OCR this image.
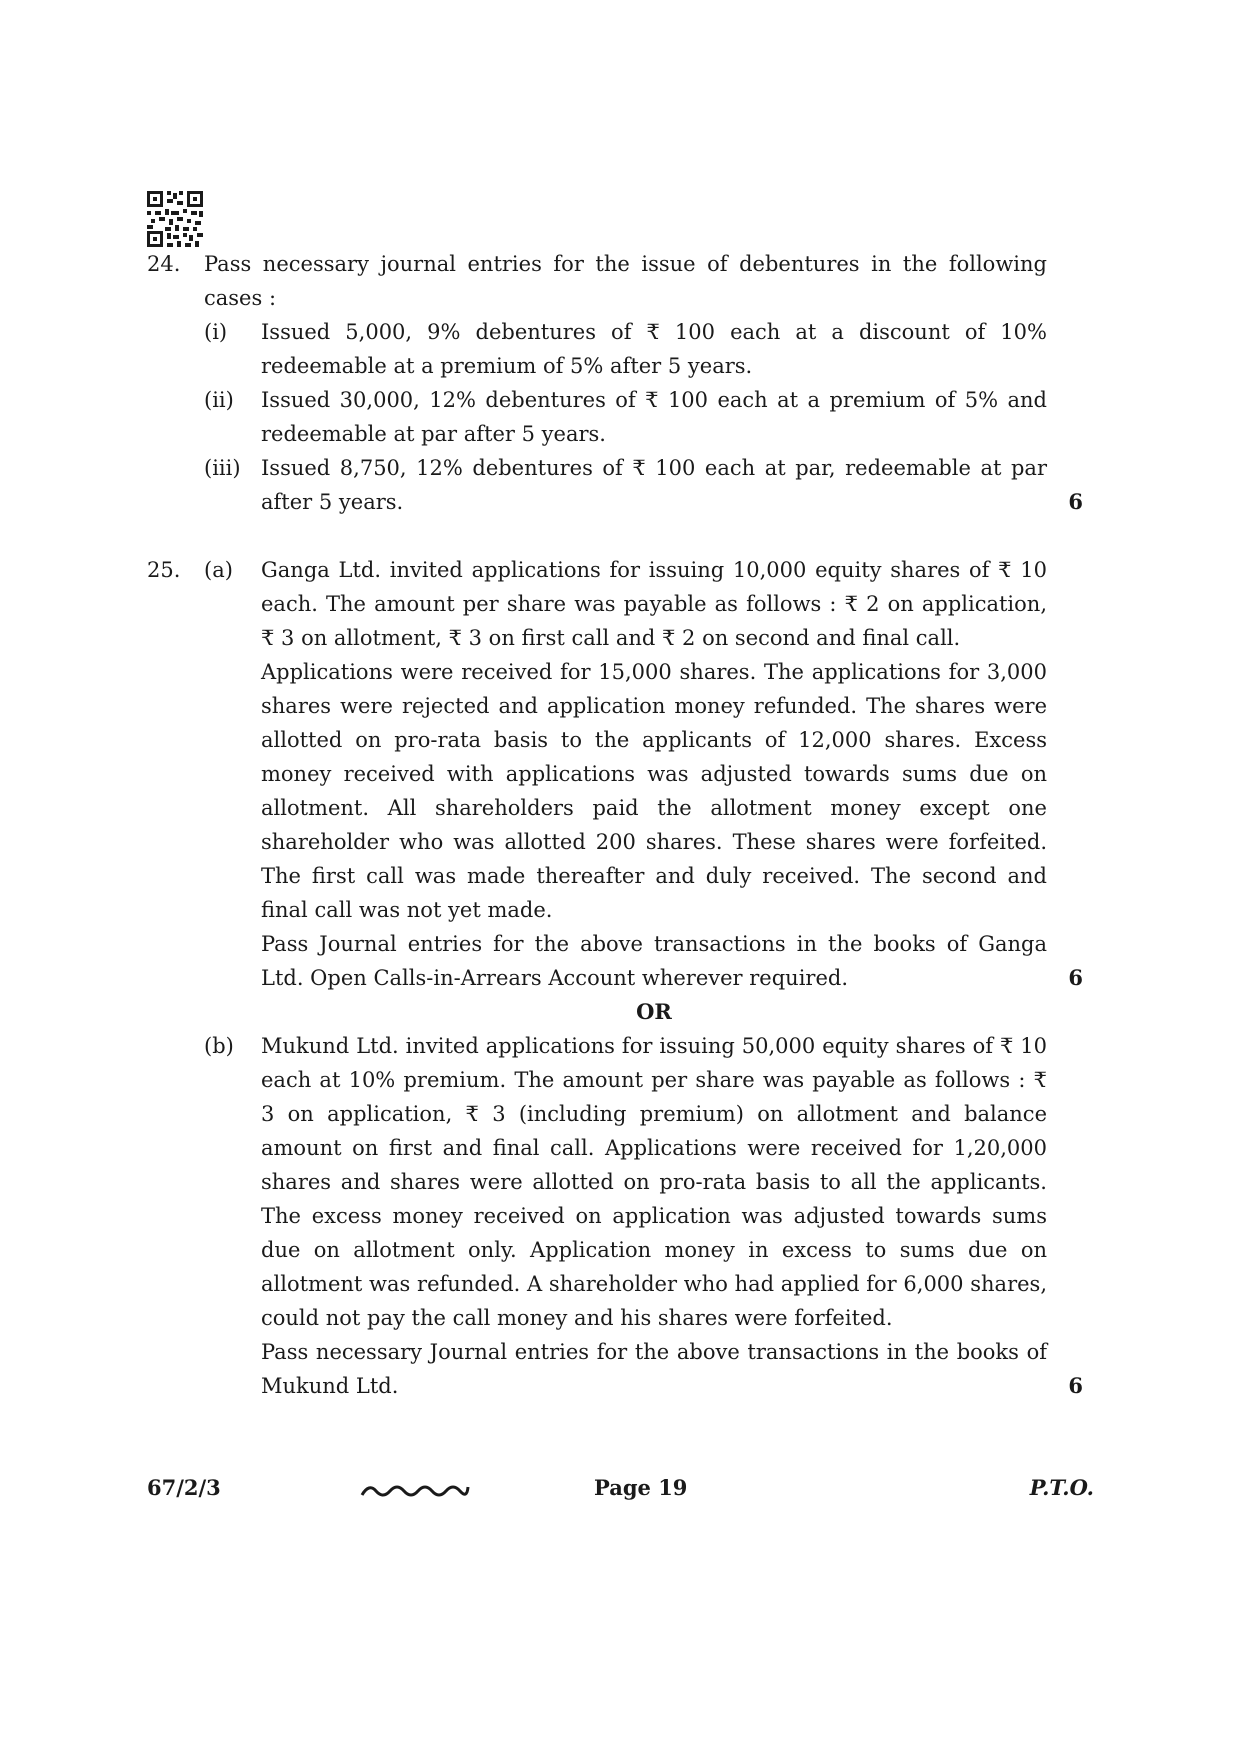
24. Pass necessary journal entries for the issue of debentures in the following cases :
(i) Issued 5,000, 9% debentures of ₹ 100 each at a discount of 10% redeemable at a premium of 5% after 5 years.
(ii) Issued 30,000, 12% debentures of ₹ 100 each at a premium of 5% and redeemable at par after 5 years.
(iii) Issued 8,750, 12% debentures of ₹ 100 each at par, redeemable at par after 5 years.	6
25. (a) Ganga Ltd. invited applications for issuing 10,000 equity shares of ₹ 10 each. The amount per share was payable as follows : ₹ 2 on application, ₹ 3 on allotment, ₹ 3 on first call and ₹ 2 on second and final call.
Applications were received for 15,000 shares. The applications for 3,000 shares were rejected and application money refunded. The shares were allotted on pro-rata basis to the applicants of 12,000 shares. Excess money received with applications was adjusted towards sums due on allotment. All shareholders paid the allotment money except one shareholder who was allotted 200 shares. These shares were forfeited. The first call was made thereafter and duly received. The second and final call was not yet made.
Pass Journal entries for the above transactions in the books of Ganga Ltd. Open Calls-in-Arrears Account wherever required.	6
OR
(b) Mukund Ltd. invited applications for issuing 50,000 equity shares of ₹ 10 each at 10% premium. The amount per share was payable as follows : ₹ 3 on application, ₹ 3 (including premium) on allotment and balance amount on first and final call. Applications were received for 1,20,000 shares and shares were allotted on pro-rata basis to all the applicants. The excess money received on application was adjusted towards sums due on allotment only. Application money in excess to sums due on allotment was refunded. A shareholder who had applied for 6,000 shares, could not pay the call money and his shares were forfeited.
Pass necessary Journal entries for the above transactions in the books of Mukund Ltd.	6
67/2/3	Page 19	P.T.O.
